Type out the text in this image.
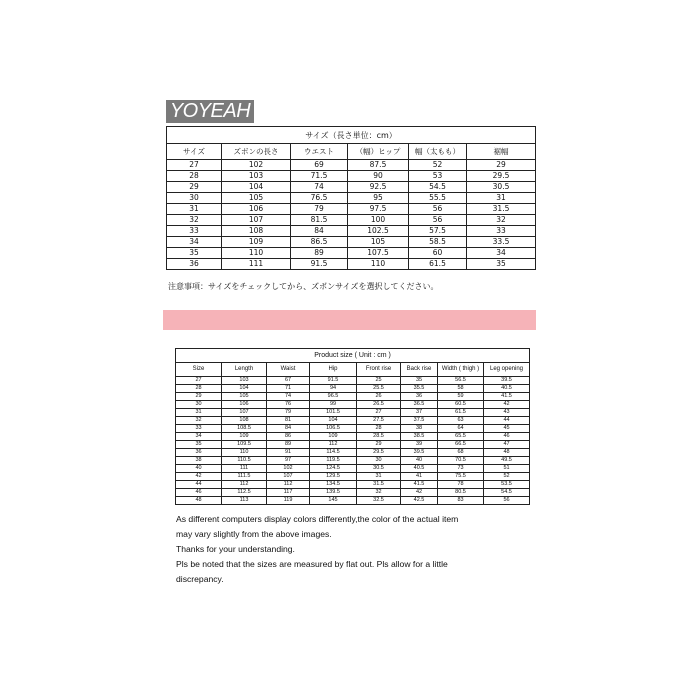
YOYEAH
サイズ（長さ単位：cm）					
サイズ	ズボンの長さ	ウエスト	（幅）ヒップ	幅（太もも）	裾幅
27	102	69	87.5	52	29
28	103	71.5	90	53	29.5
29	104	74	92.5	54.5	30.5
30	105	76.5	95	55.5	31
31	106	79	97.5	56	31.5
32	107	81.5	100	56	32
33	108	84	102.5	57.5	33
34	109	86.5	105	58.5	33.5
35	110	89	107.5	60	34
36	111	91.5	110	61.5	35
注意事項：サイズをチェックしてから、ズボンサイズを選択してください。
Product size ( Unit : cm )							
Size	Length	Waist	Hip	Front rise	Back rise	Width ( thigh )	Leg opening
27	103	67	91.5	25	35	56.5	39.5
28	104	71	94	25.5	35.5	58	40.5
29	105	74	96.5	26	36	59	41.5
30	106	76	99	26.5	36.5	60.5	42
31	107	79	101.5	27	37	61.5	43
32	108	81	104	27.5	37.5	63	44
33	108.5	84	106.5	28	38	64	45
34	109	86	109	28.5	38.5	65.5	46
35	109.5	89	112	29	39	66.5	47
36	110	91	114.5	29.5	39.5	68	48
38	110.5	97	119.5	30	40	70.5	49.5
40	111	102	124.5	30.5	40.5	73	51
42	111.5	107	129.5	31	41	75.5	52
44	112	112	134.5	31.5	41.5	78	53.5
46	112.5	117	139.5	32	42	80.5	54.5
48	113	119	145	32.5	42.5	83	56
As different computers display colors differently,the color of the actual item
may vary slightly from the above images.
Thanks for your understanding.
Pls be noted that the sizes are measured by flat out. Pls allow for a little
discrepancy.
